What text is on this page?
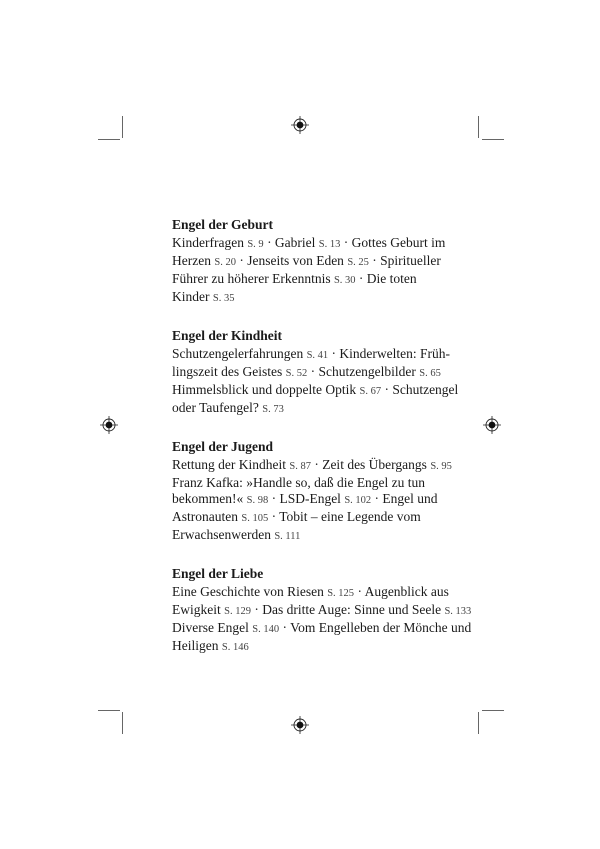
Engel der Geburt
Kinderfragen S. 9 · Gabriel S. 13 · Gottes Geburt im
Herzen S. 20 · Jenseits von Eden S. 25 · Spiritueller
Führer zu höherer Erkenntnis S. 30 · Die toten
Kinder S. 35
Engel der Kindheit
Schutzengelerfahrungen S. 41 · Kinderwelten: Früh-
lingszeit des Geistes S. 52 · Schutzengelbilder S. 65
Himmelsblick und doppelte Optik S. 67 · Schutzengel
oder Taufengel? S. 73
Engel der Jugend
Rettung der Kindheit S. 87 · Zeit des Übergangs S. 95
Franz Kafka: »Handle so, daß die Engel zu tun
bekommen!« S. 98 · LSD-Engel S. 102 · Engel und
Astronauten S. 105 · Tobit – eine Legende vom
Erwachsenwerden S. 111
Engel der Liebe
Eine Geschichte von Riesen S. 125 · Augenblick aus
Ewigkeit S. 129 · Das dritte Auge: Sinne und Seele S. 133
Diverse Engel S. 140 · Vom Engelleben der Mönche und
Heiligen S. 146
